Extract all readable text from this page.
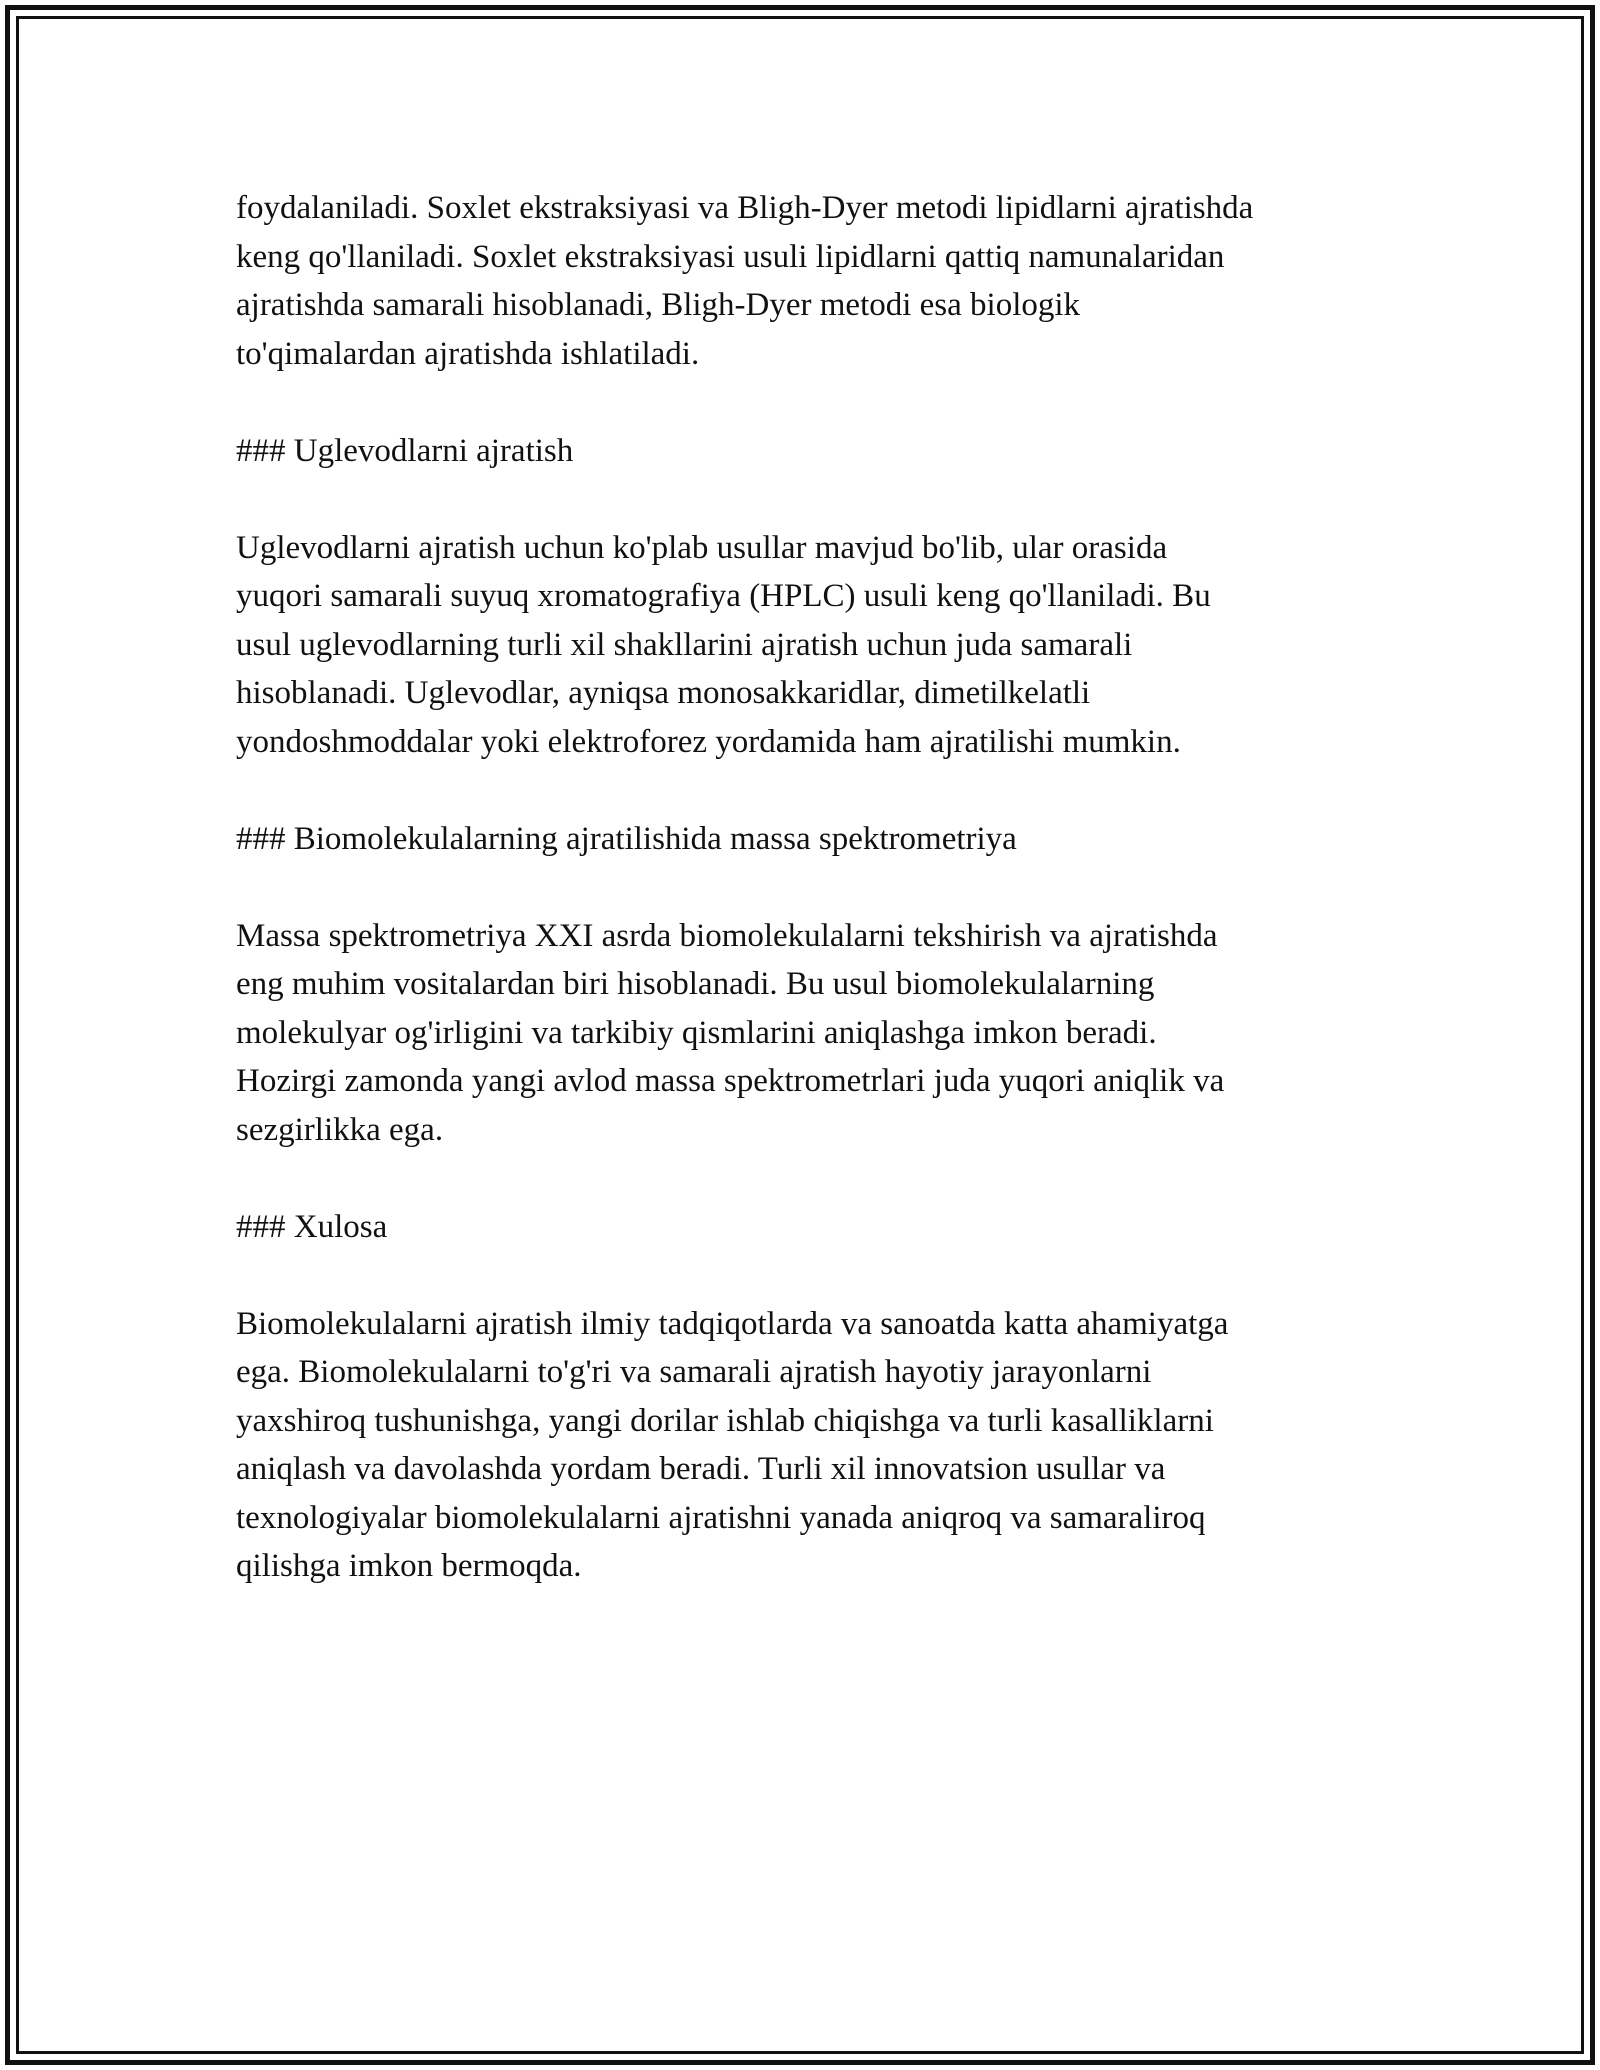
foydalaniladi. Soxlet ekstraksiyasi va Bligh-Dyer metodi lipidlarni ajratishda
keng qo'llaniladi. Soxlet ekstraksiyasi usuli lipidlarni qattiq namunalaridan
ajratishda samarali hisoblanadi, Bligh-Dyer metodi esa biologik
to'qimalardan ajratishda ishlatiladi.

### Uglevodlarni ajratish

Uglevodlarni ajratish uchun ko'plab usullar mavjud bo'lib, ular orasida
yuqori samarali suyuq xromatografiya (HPLC) usuli keng qo'llaniladi. Bu
usul uglevodlarning turli xil shakllarini ajratish uchun juda samarali
hisoblanadi. Uglevodlar, ayniqsa monosakkaridlar, dimetilkelatli
yondoshmoddalar yoki elektroforez yordamida ham ajratilishi mumkin.

### Biomolekulalarning ajratilishida massa spektrometriya

Massa spektrometriya XXI asrda biomolekulalarni tekshirish va ajratishda
eng muhim vositalardan biri hisoblanadi. Bu usul biomolekulalarning
molekulyar og'irligini va tarkibiy qismlarini aniqlashga imkon beradi.
Hozirgi zamonda yangi avlod massa spektrometrlari juda yuqori aniqlik va
sezgirlikka ega.

### Xulosa

Biomolekulalarni ajratish ilmiy tadqiqotlarda va sanoatda katta ahamiyatga
ega. Biomolekulalarni to'g'ri va samarali ajratish hayotiy jarayonlarni
yaxshiroq tushunishga, yangi dorilar ishlab chiqishga va turli kasalliklarni
aniqlash va davolashda yordam beradi. Turli xil innovatsion usullar va
texnologiyalar biomolekulalarni ajratishni yanada aniqroq va samaraliroq
qilishga imkon bermoqda.
